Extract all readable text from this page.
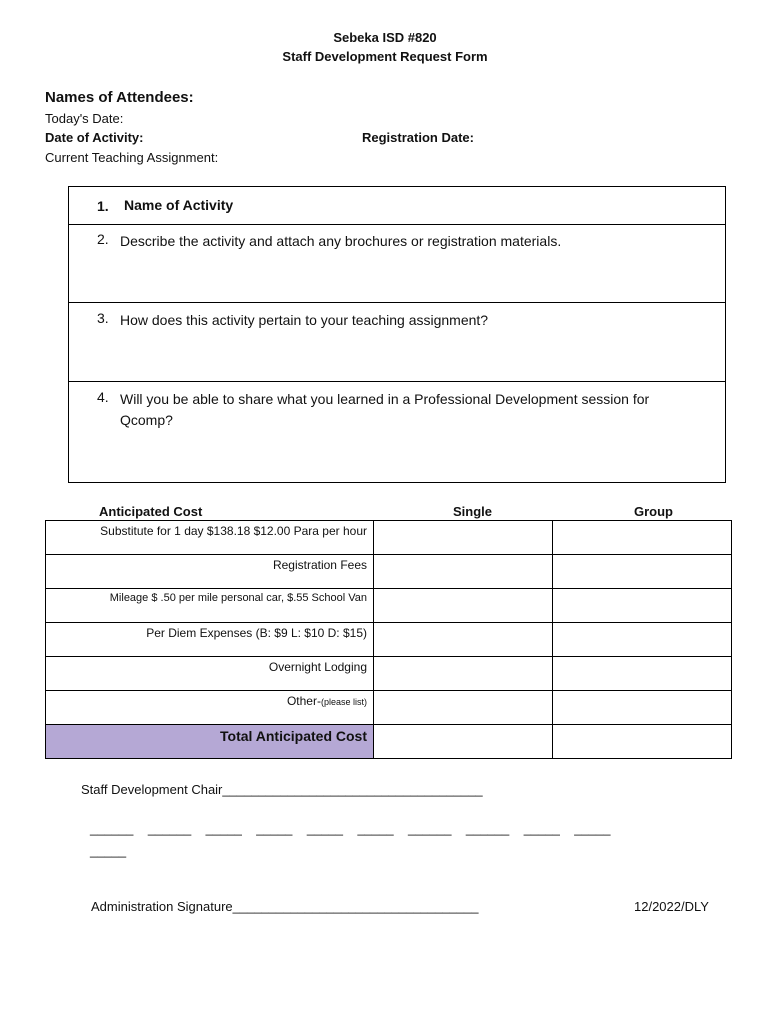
Sebeka ISD #820
Staff Development Request Form
Names of Attendees:
Today's Date:
Date of Activity:	Registration Date:
Current Teaching Assignment:
1. Name of Activity
2. Describe the activity and attach any brochures or registration materials.
3. How does this activity pertain to your teaching assignment?
4. Will you be able to share what you learned in a Professional Development session for Qcomp?
Anticipated Cost	Single	Group
Substitute for 1 day $138.18 $12.00 Para per hour		
Registration Fees		
Mileage $ .50 per mile personal car, $.55 School Van		
Per Diem Expenses (B: $9 L: $10 D: $15)		
Overnight Lodging		
Other-(please list)		
Total Anticipated Cost		
Staff Development Chair____________________________________
______    ______    _____    _____    _____    _____    ______    ______    _____    _____
_____
Administration Signature__________________________________	12/2022/DLY
